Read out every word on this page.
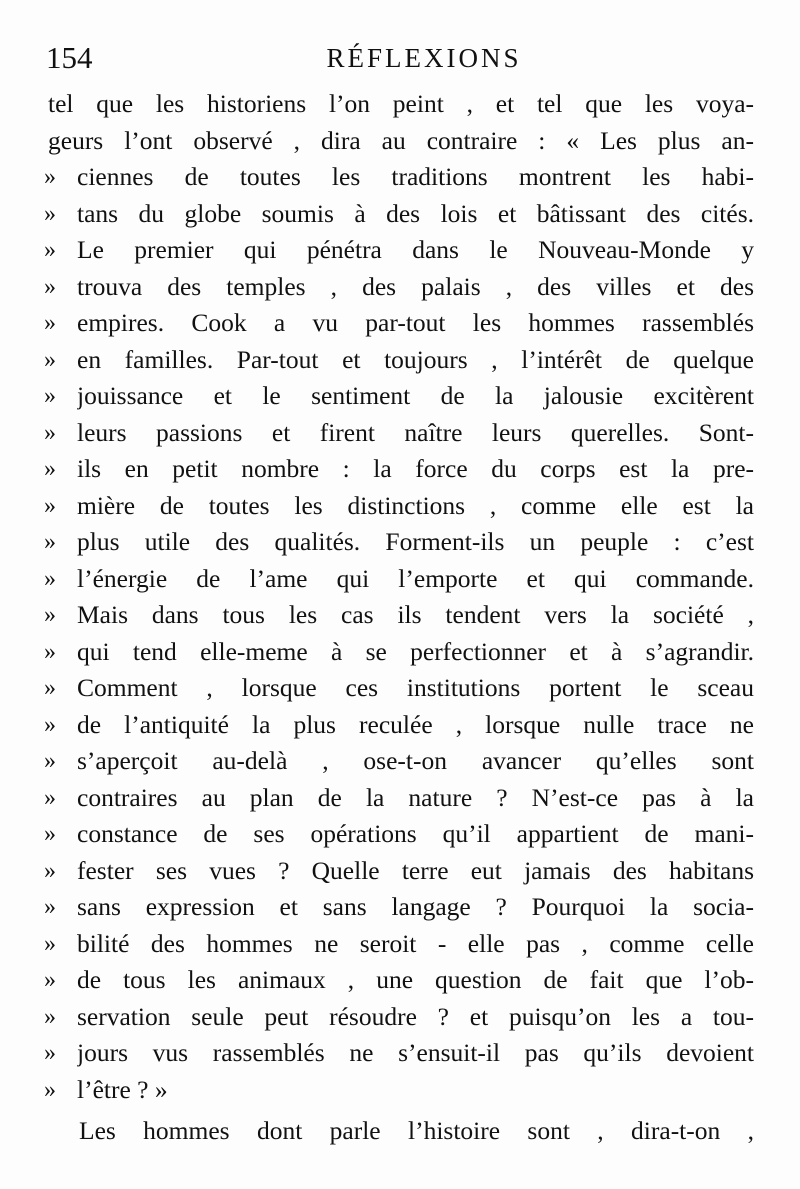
154	RÉFLEXIONS
tel que les historiens l’on peint , et tel que les voya-
geurs l’ont observé , dira au contraire : « Les plus an-
» ciennes de toutes les traditions montrent les habi-
» tans du globe soumis à des lois et bâtissant des cités.
» Le premier qui pénétra dans le Nouveau-Monde y
» trouva des temples , des palais , des villes et des
» empires. Cook a vu par-tout les hommes rassemblés
» en familles. Par-tout et toujours , l’intérêt de quelque
» jouissance et le sentiment de la jalousie excitèrent
» leurs passions et firent naître leurs querelles. Sont-
» ils en petit nombre : la force du corps est la pre-
» mière de toutes les distinctions , comme elle est la
» plus utile des qualités. Forment-ils un peuple : c’est
» l’énergie de l’ame qui l’emporte et qui commande.
» Mais dans tous les cas ils tendent vers la société ,
» qui tend elle-meme à se perfectionner et à s’agrandir.
» Comment , lorsque ces institutions portent le sceau
» de l’antiquité la plus reculée , lorsque nulle trace ne
» s’aperçoit au-delà , ose-t-on avancer qu’elles sont
» contraires au plan de la nature ? N’est-ce pas à la
» constance de ses opérations qu’il appartient de mani-
» fester ses vues ? Quelle terre eut jamais des habitans
» sans expression et sans langage ? Pourquoi la socia-
» bilité des hommes ne seroit - elle pas , comme celle
» de tous les animaux , une question de fait que l’ob-
» servation seule peut résoudre ? et puisqu’on les a tou-
» jours vus rassemblés ne s’ensuit-il pas qu’ils devoient
» l’être ? »
Les hommes dont parle l’histoire sont , dira-t-on ,
